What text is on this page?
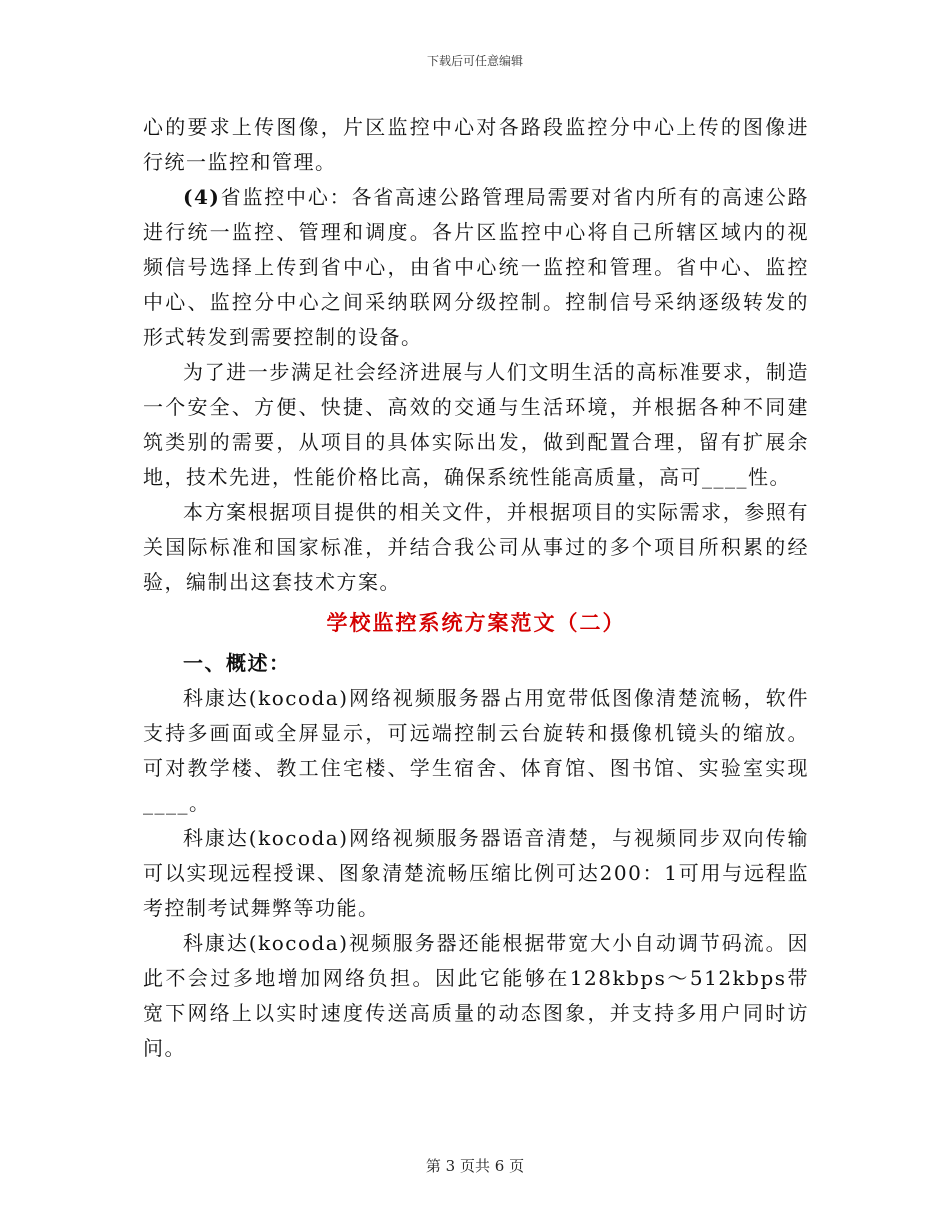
下载后可任意编辑

心的要求上传图像，片区监控中心对各路段监控分中心上传的图像进行统一监控和管理。

(4)省监控中心：各省高速公路管理局需要对省内所有的高速公路进行统一监控、管理和调度。各片区监控中心将自己所辖区域内的视频信号选择上传到省中心，由省中心统一监控和管理。省中心、监控中心、监控分中心之间采纳联网分级控制。控制信号采纳逐级转发的形式转发到需要控制的设备。

为了进一步满足社会经济进展与人们文明生活的高标准要求，制造一个安全、方便、快捷、高效的交通与生活环境，并根据各种不同建筑类别的需要，从项目的具体实际出发，做到配置合理，留有扩展余地，技术先进，性能价格比高，确保系统性能高质量，高可____性。

本方案根据项目提供的相关文件，并根据项目的实际需求，参照有关国际标准和国家标准，并结合我公司从事过的多个项目所积累的经验，编制出这套技术方案。

学校监控系统方案范文（二）

一、概述：

科康达(kocoda)网络视频服务器占用宽带低图像清楚流畅，软件支持多画面或全屏显示，可远端控制云台旋转和摄像机镜头的缩放。可对教学楼、教工住宅楼、学生宿舍、体育馆、图书馆、实验室实现____。

科康达(kocoda)网络视频服务器语音清楚，与视频同步双向传输可以实现远程授课、图象清楚流畅压缩比例可达200：1可用与远程监考控制考试舞弊等功能。

科康达(kocoda)视频服务器还能根据带宽大小自动调节码流。因此不会过多地增加网络负担。因此它能够在128kbps～512kbps带宽下网络上以实时速度传送高质量的动态图象，并支持多用户同时访问。

第 3 页共 6 页
